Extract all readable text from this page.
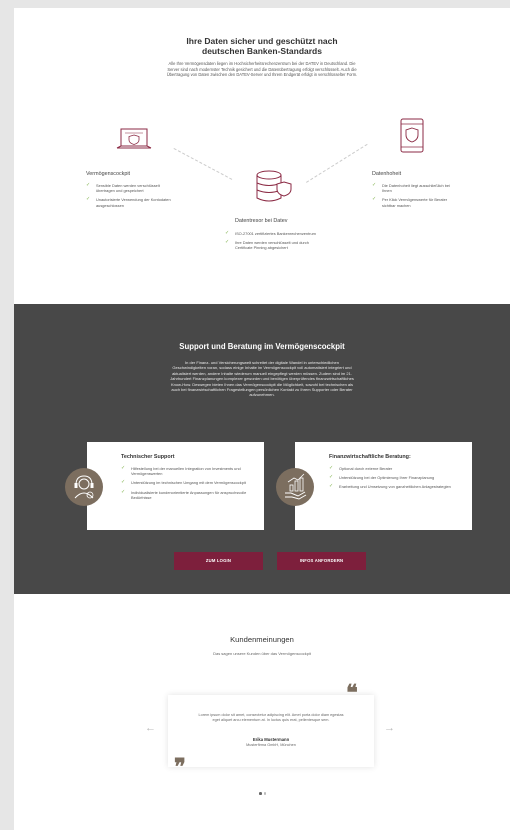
Ihre Daten sicher und geschützt nach
deutschen Banken-Standards
Alle Ihre Vermögensdaten liegen im Hochsicherheitsrechenzentrum bei der DATEV in Deutschland. Die Server sind nach modernster Technik gesichert und die Datenübertragung erfolgt verschlüsselt. Auch die Übertragung von Daten zwischen den DATEV-Server und Ihrem Endgerät erfolgt in verschlüsselter Form.
Vermögenscockpit
✓ Sensible Daten werden verschlüsselt übertragen und gespeichert
✓ Unautorisierte Verwendung der Kontodaten ausgeschlossen
Datentresor bei Datev
✓ ISO-27001 zertifiziertes Bankenrechenzentrum
✓ Ihre Daten werden verschlüsselt und durch Certificate Pinning abgesichert
Datenhoheit
✓ Die Datenhoheit liegt ausschließlich bei Ihnen
✓ Per Klick Vermögenswerte für Berater sichtbar machen
Support und Beratung im Vermögenscockpit
In der Finanz- und Versicherungswelt schreitet der digitale Wandel in unterschiedlichen Geschwindigkeiten voran, sodass einige Inhalte im Vermögenscockpit voll automatisiert integriert und aktualisiert werden, andere Inhalte wiederum manuell eingepflegt werden müssen. Zudem sind im 21. Jahrhundert Finanzplanungen komplexer geworden und benötigen überprüfendes finanzwirtschaftliches Know-How. Deswegen bieten Ihnen das Vermögenscockpit die Möglichkeit, sowohl bei technischen als auch bei finanzwirtschaftlichen Fragestellungen persönlichen Kontakt zu Ihrem Supporter oder Berater aufzunehmen.
Technischer Support
✓ Hilfestellung bei der manuellen Integration von Investments und Vermögenswerten
✓ Unterstützung im technischen Umgang mit dem Vermögenscockpit
✓ Individualisierte kundenorientierte Anpassungen für anspruchsvolle Bedürfnisse
Finanzwirtschaftliche Beratung:
✓ Optional durch externe Berater
✓ Unterstützung bei der Optimierung Ihrer Finanzplanung
✓ Erarbeitung und Umsetzung von ganzheitlichen Anlagestrategien
ZUM LOGIN	INFOS ANFORDERN
Kundenmeinungen
Das sagen unsere Kunden über das Vermögenscockpit
←	→
Lorem ipsum dolor sit amet, consectetur adipiscing elit. Amet porta dolor diam egestas eget aliquet arcu elementum at. In luctus quis erat, pellentesque sem.
Erika Mustermann
Musterfirma GmbH, München
❝
❞
